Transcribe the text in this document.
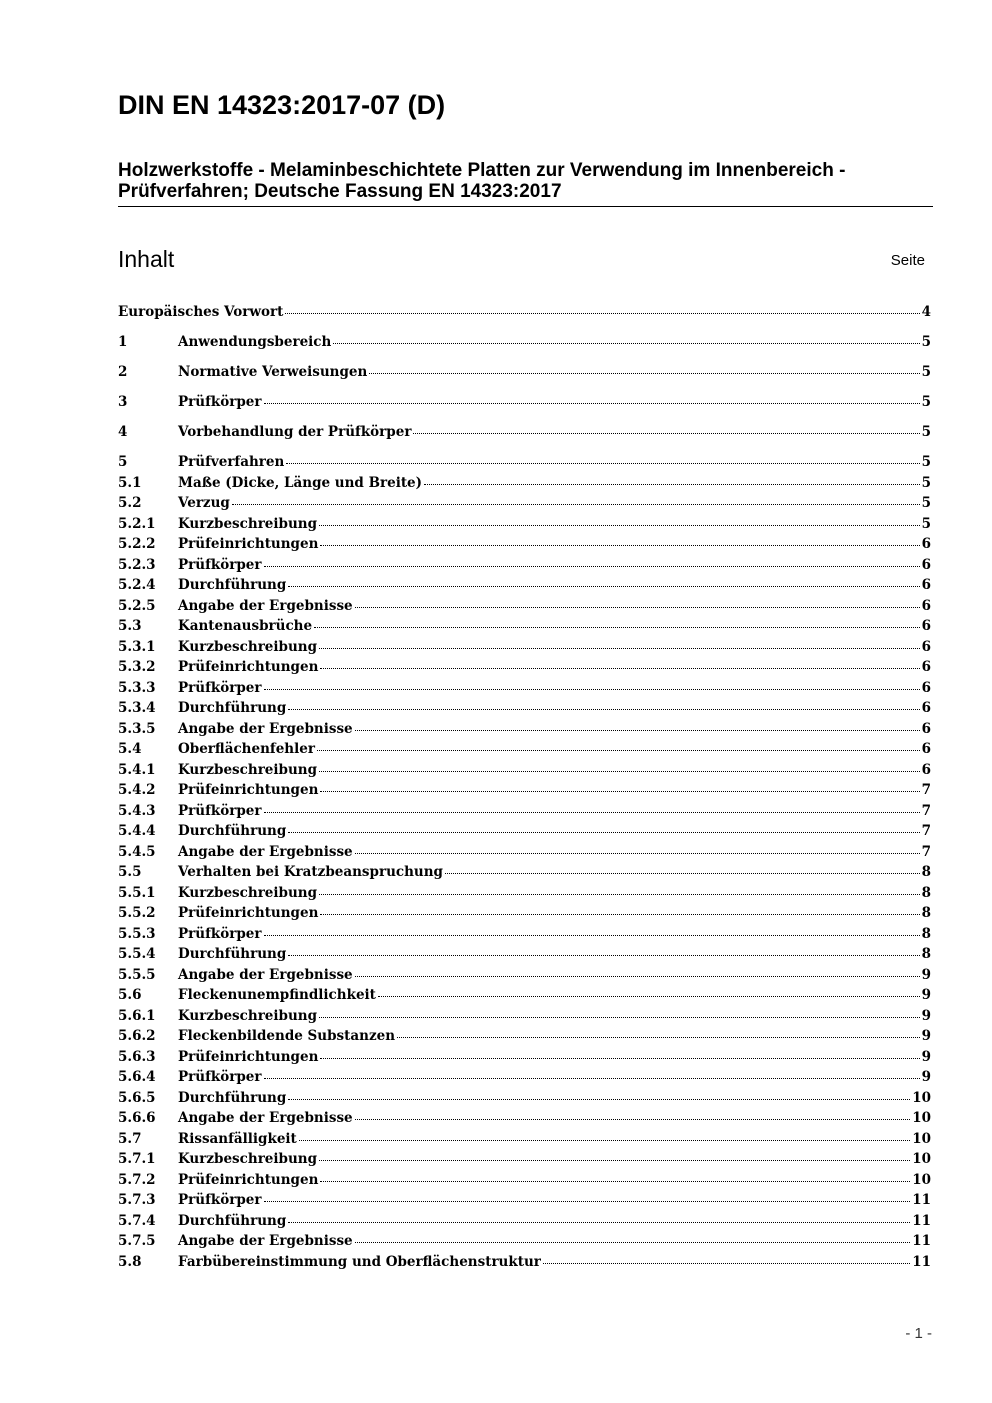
DIN EN 14323:2017-07 (D)
Holzwerkstoffe - Melaminbeschichtete Platten zur Verwendung im Innenbereich - Prüfverfahren; Deutsche Fassung EN 14323:2017
Inhalt	Seite
Europäisches Vorwort	4
1	Anwendungsbereich	5
2	Normative Verweisungen	5
3	Prüfkörper	5
4	Vorbehandlung der Prüfkörper	5
5	Prüfverfahren	5
5.1	Maße (Dicke, Länge und Breite)	5
5.2	Verzug	5
5.2.1	Kurzbeschreibung	5
5.2.2	Prüfeinrichtungen	6
5.2.3	Prüfkörper	6
5.2.4	Durchführung	6
5.2.5	Angabe der Ergebnisse	6
5.3	Kantenausbrüche	6
5.3.1	Kurzbeschreibung	6
5.3.2	Prüfeinrichtungen	6
5.3.3	Prüfkörper	6
5.3.4	Durchführung	6
5.3.5	Angabe der Ergebnisse	6
5.4	Oberflächenfehler	6
5.4.1	Kurzbeschreibung	6
5.4.2	Prüfeinrichtungen	7
5.4.3	Prüfkörper	7
5.4.4	Durchführung	7
5.4.5	Angabe der Ergebnisse	7
5.5	Verhalten bei Kratzbeanspruchung	8
5.5.1	Kurzbeschreibung	8
5.5.2	Prüfeinrichtungen	8
5.5.3	Prüfkörper	8
5.5.4	Durchführung	8
5.5.5	Angabe der Ergebnisse	9
5.6	Fleckenunempfindlichkeit	9
5.6.1	Kurzbeschreibung	9
5.6.2	Fleckenbildende Substanzen	9
5.6.3	Prüfeinrichtungen	9
5.6.4	Prüfkörper	9
5.6.5	Durchführung	10
5.6.6	Angabe der Ergebnisse	10
5.7	Rissanfälligkeit	10
5.7.1	Kurzbeschreibung	10
5.7.2	Prüfeinrichtungen	10
5.7.3	Prüfkörper	11
5.7.4	Durchführung	11
5.7.5	Angabe der Ergebnisse	11
5.8	Farbübereinstimmung und Oberflächenstruktur	11
- 1 -
